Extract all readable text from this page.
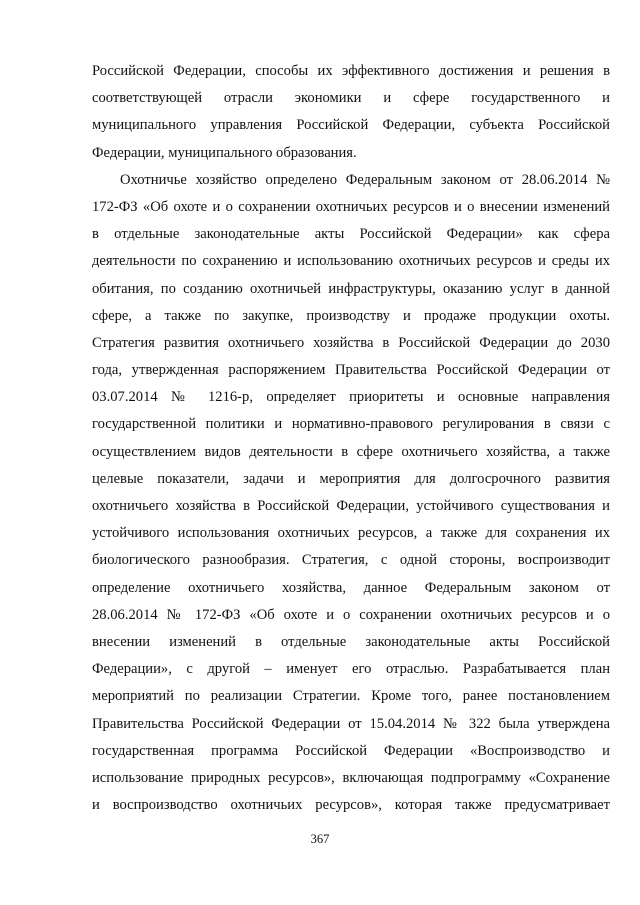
Российской Федерации, способы их эффективного достижения и решения в
соответствующей отрасли экономики и сфере государственного и
муниципального управления Российской Федерации, субъекта Российской
Федерации, муниципального образования.
Охотничье хозяйство определено Федеральным законом от 28.06.2014 №
172-ФЗ «Об охоте и о сохранении охотничьих ресурсов и о внесении изменений
в отдельные законодательные акты Российской Федерации» как сфера
деятельности по сохранению и использованию охотничьих ресурсов и среды их
обитания, по созданию охотничьей инфраструктуры, оказанию услуг в данной
сфере, а также по закупке, производству и продаже продукции охоты.
Стратегия развития охотничьего хозяйства в Российской Федерации до 2030
года, утвержденная распоряжением Правительства Российской Федерации от
03.07.2014 № 1216-р, определяет приоритеты и основные направления
государственной политики и нормативно-правового регулирования в связи с
осуществлением видов деятельности в сфере охотничьего хозяйства, а также
целевые показатели, задачи и мероприятия для долгосрочного развития
охотничьего хозяйства в Российской Федерации, устойчивого существования и
устойчивого использования охотничьих ресурсов, а также для сохранения их
биологического разнообразия. Стратегия, с одной стороны, воспроизводит
определение охотничьего хозяйства, данное Федеральным законом от
28.06.2014 № 172-ФЗ «Об охоте и о сохранении охотничьих ресурсов и о
внесении изменений в отдельные законодательные акты Российской
Федерации», с другой – именует его отраслью. Разрабатывается план
мероприятий по реализации Стратегии. Кроме того, ранее постановлением
Правительства Российской Федерации от 15.04.2014 № 322 была утверждена
государственная программа Российской Федерации «Воспроизводство и
использование природных ресурсов», включающая подпрограмму «Сохранение
и воспроизводство охотничьих ресурсов», которая также предусматривает
367
